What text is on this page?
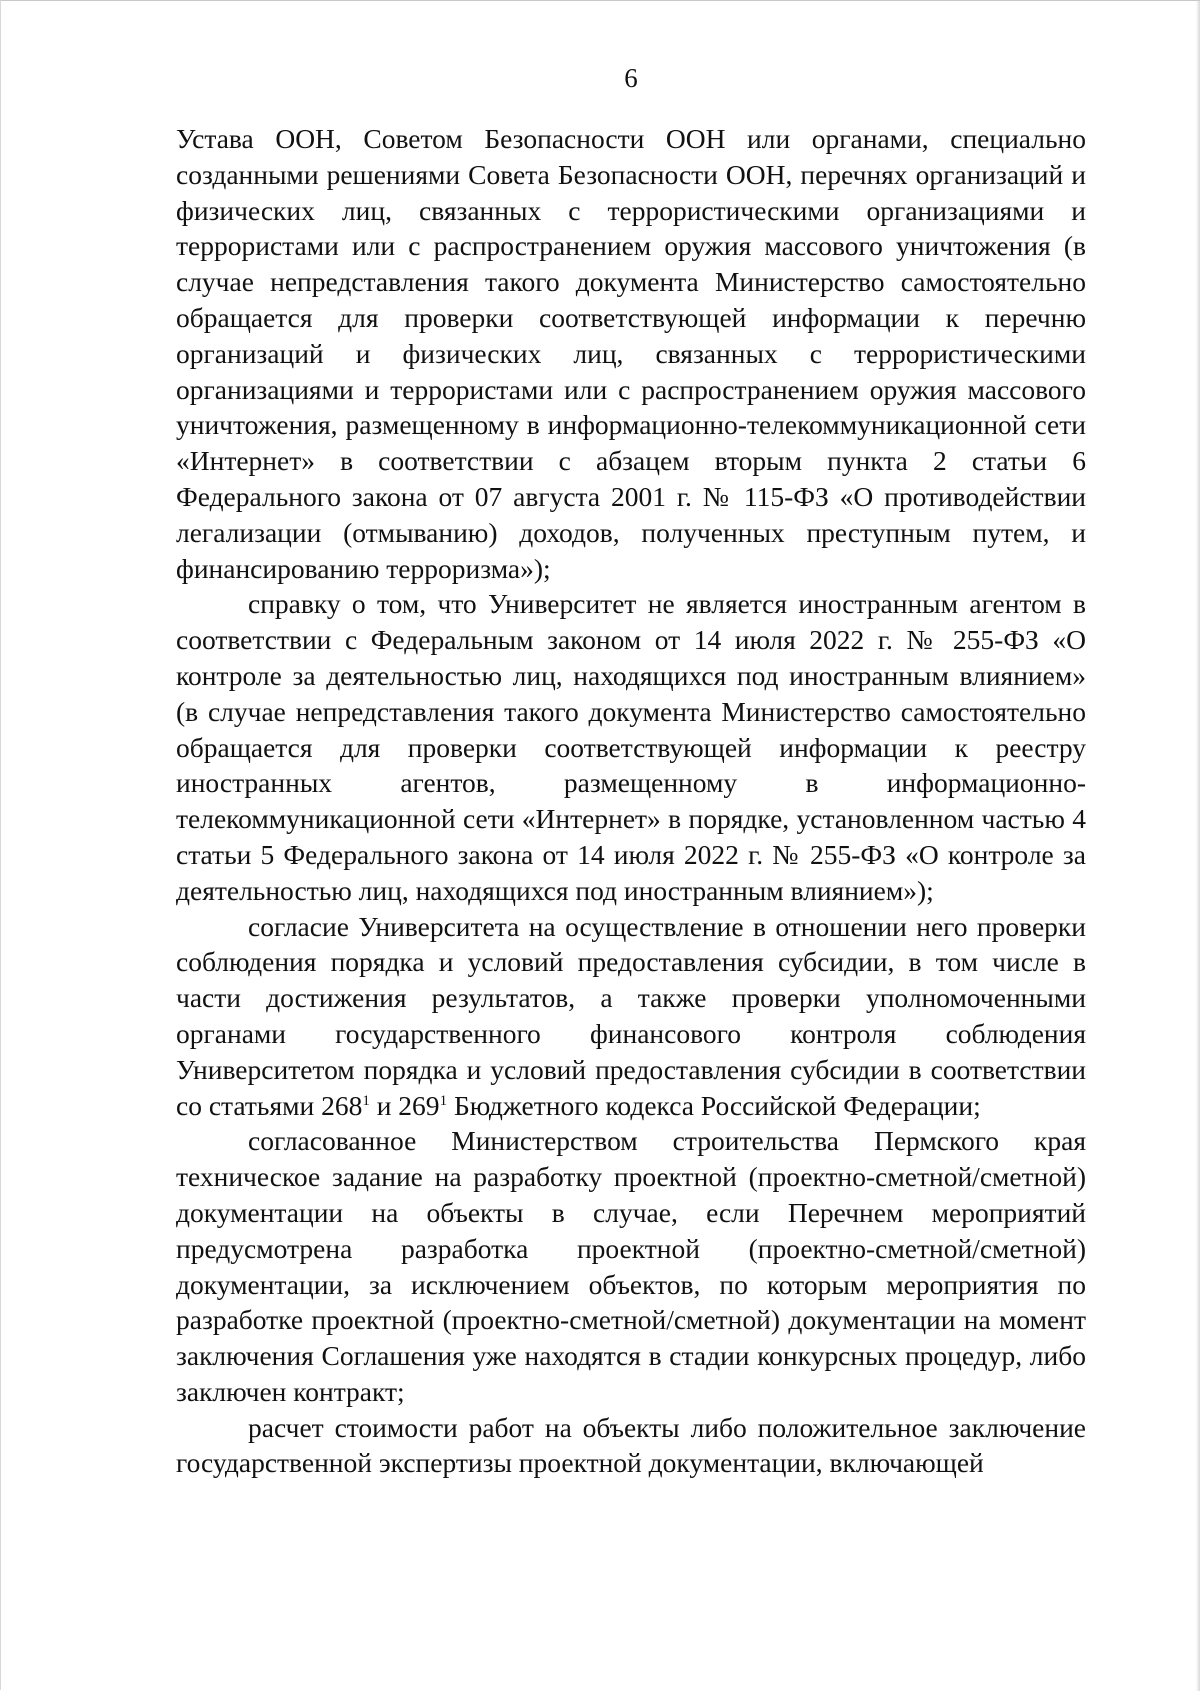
6

Устава ООН, Советом Безопасности ООН или органами, специально созданными решениями Совета Безопасности ООН, перечнях организаций и физических лиц, связанных с террористическими организациями и террористами или с распространением оружия массового уничтожения (в случае непредставления такого документа Министерство самостоятельно обращается для проверки соответствующей информации к перечню организаций и физических лиц, связанных с террористическими организациями и террористами или с распространением оружия массового уничтожения, размещенному в информационно-телекоммуникационной сети «Интернет» в соответствии с абзацем вторым пункта 2 статьи 6 Федерального закона от 07 августа 2001 г. № 115-ФЗ «О противодействии легализации (отмыванию) доходов, полученных преступным путем, и финансированию терроризма»);

справку о том, что Университет не является иностранным агентом в соответствии с Федеральным законом от 14 июля 2022 г. № 255-ФЗ «О контроле за деятельностью лиц, находящихся под иностранным влиянием» (в случае непредставления такого документа Министерство самостоятельно обращается для проверки соответствующей информации к реестру иностранных агентов, размещенному в информационно-телекоммуникационной сети «Интернет» в порядке, установленном частью 4 статьи 5 Федерального закона от 14 июля 2022 г. № 255-ФЗ «О контроле за деятельностью лиц, находящихся под иностранным влиянием»);

согласие Университета на осуществление в отношении него проверки соблюдения порядка и условий предоставления субсидии, в том числе в части достижения результатов, а также проверки уполномоченными органами государственного финансового контроля соблюдения Университетом порядка и условий предоставления субсидии в соответствии со статьями $268^1$ и $269^1$ Бюджетного кодекса Российской Федерации;

согласованное Министерством строительства Пермского края техническое задание на разработку проектной (проектно-сметной/сметной) документации на объекты в случае, если Перечнем мероприятий предусмотрена разработка проектной (проектно-сметной/сметной) документации, за исключением объектов, по которым мероприятия по разработке проектной (проектно-сметной/сметной) документации на момент заключения Соглашения уже находятся в стадии конкурсных процедур, либо заключен контракт;

расчет стоимости работ на объекты либо положительное заключение государственной экспертизы проектной документации, включающей
